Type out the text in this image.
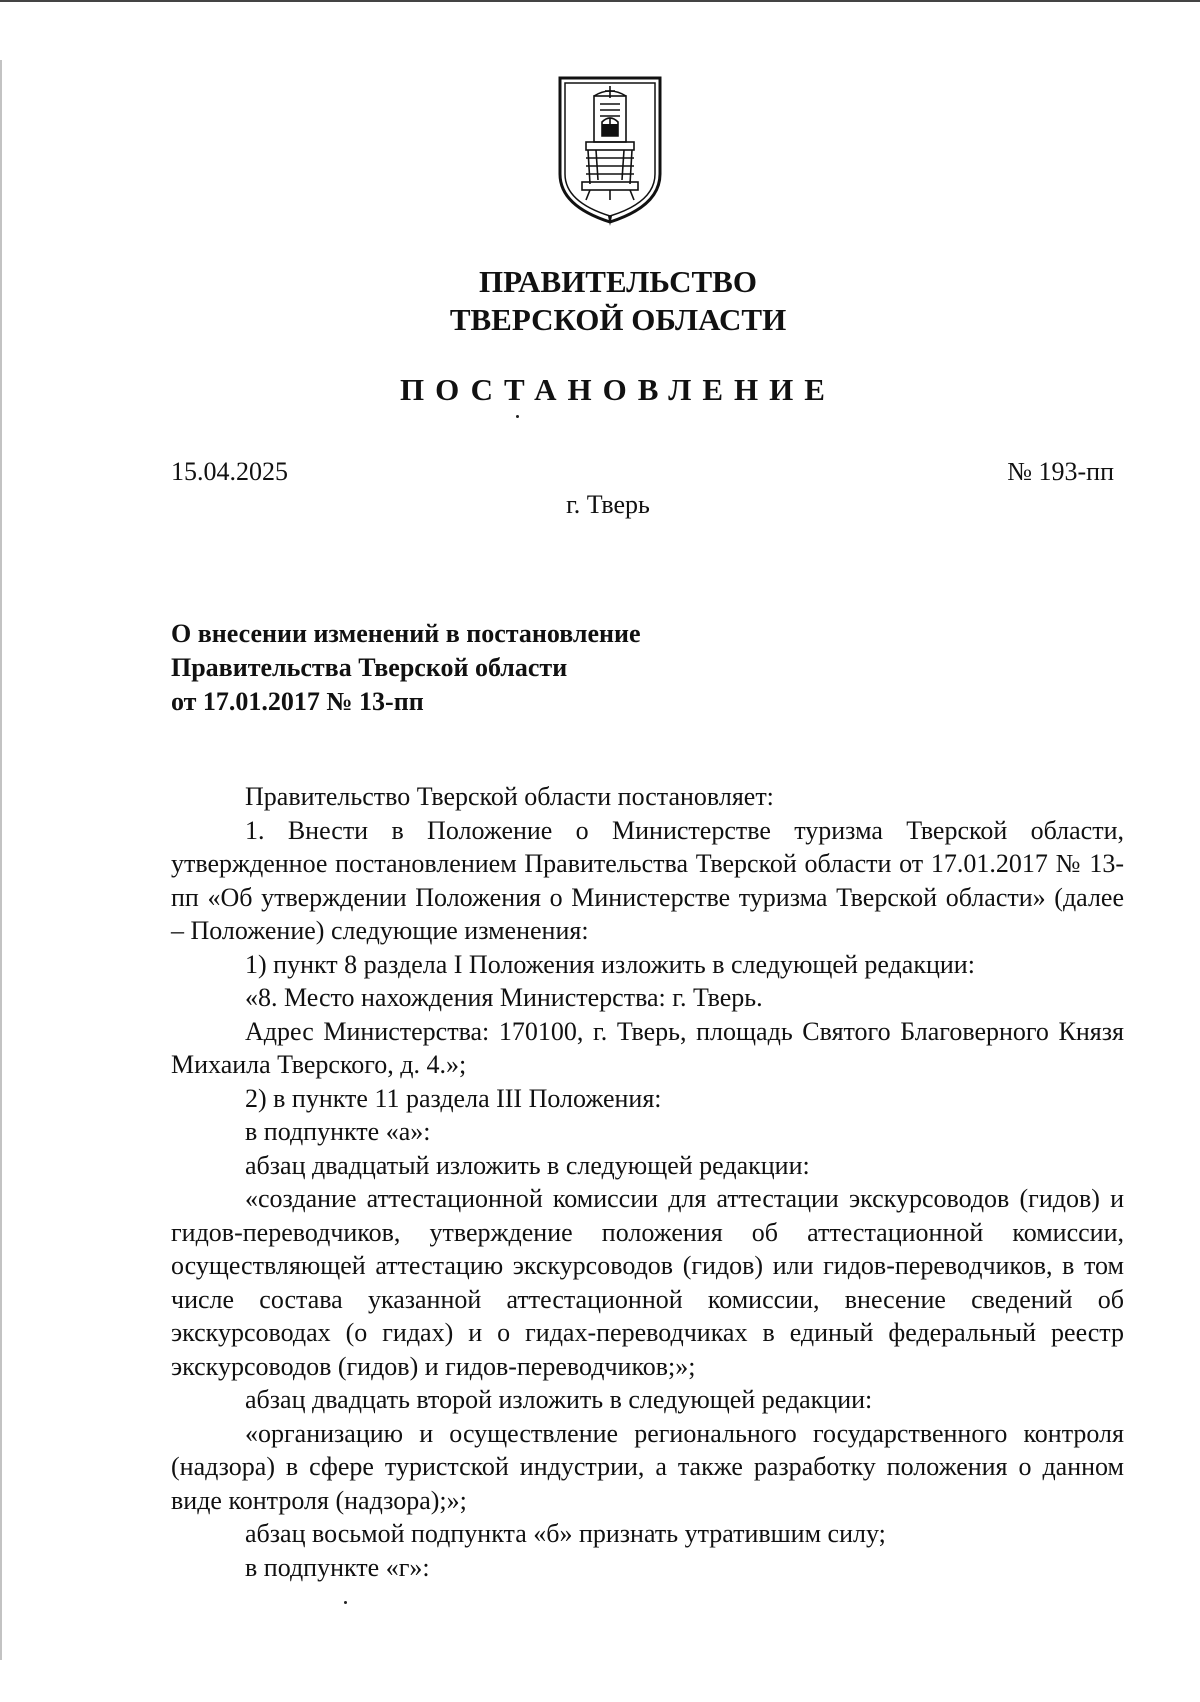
ПРАВИТЕЛЬСТВО
ТВЕРСКОЙ ОБЛАСТИ
ПОСТАНОВЛЕНИЕ
15.04.2025	№ 193-пп
г. Тверь
О внесении изменений в постановление
Правительства Тверской области
от 17.01.2017 № 13-пп

Правительство Тверской области постановляет:

1. Внести в Положение о Министерстве туризма Тверской области, утвержденное постановлением Правительства Тверской области от 17.01.2017 № 13-пп «Об утверждении Положения о Министерстве туризма Тверской области» (далее – Положение) следующие изменения:

1) пункт 8 раздела I Положения изложить в следующей редакции:

«8. Место нахождения Министерства: г. Тверь.

Адрес Министерства: 170100, г. Тверь, площадь Святого Благоверного Князя Михаила Тверского, д. 4.»;

2) в пункте 11 раздела III Положения:

в подпункте «а»:

абзац двадцатый изложить в следующей редакции:

«создание аттестационной комиссии для аттестации экскурсоводов (гидов) и гидов-переводчиков, утверждение положения об аттестационной комиссии, осуществляющей аттестацию экскурсоводов (гидов) или гидов-переводчиков, в том числе состава указанной аттестационной комиссии, внесение сведений об экскурсоводах (о гидах) и о гидах-переводчиках в единый федеральный реестр экскурсоводов (гидов) и гидов-переводчиков;»;

абзац двадцать второй изложить в следующей редакции:

«организацию и осуществление регионального государственного контроля (надзора) в сфере туристской индустрии, а также разработку положения о данном виде контроля (надзора);»;

абзац восьмой подпункта «б» признать утратившим силу;

в подпункте «г»:
